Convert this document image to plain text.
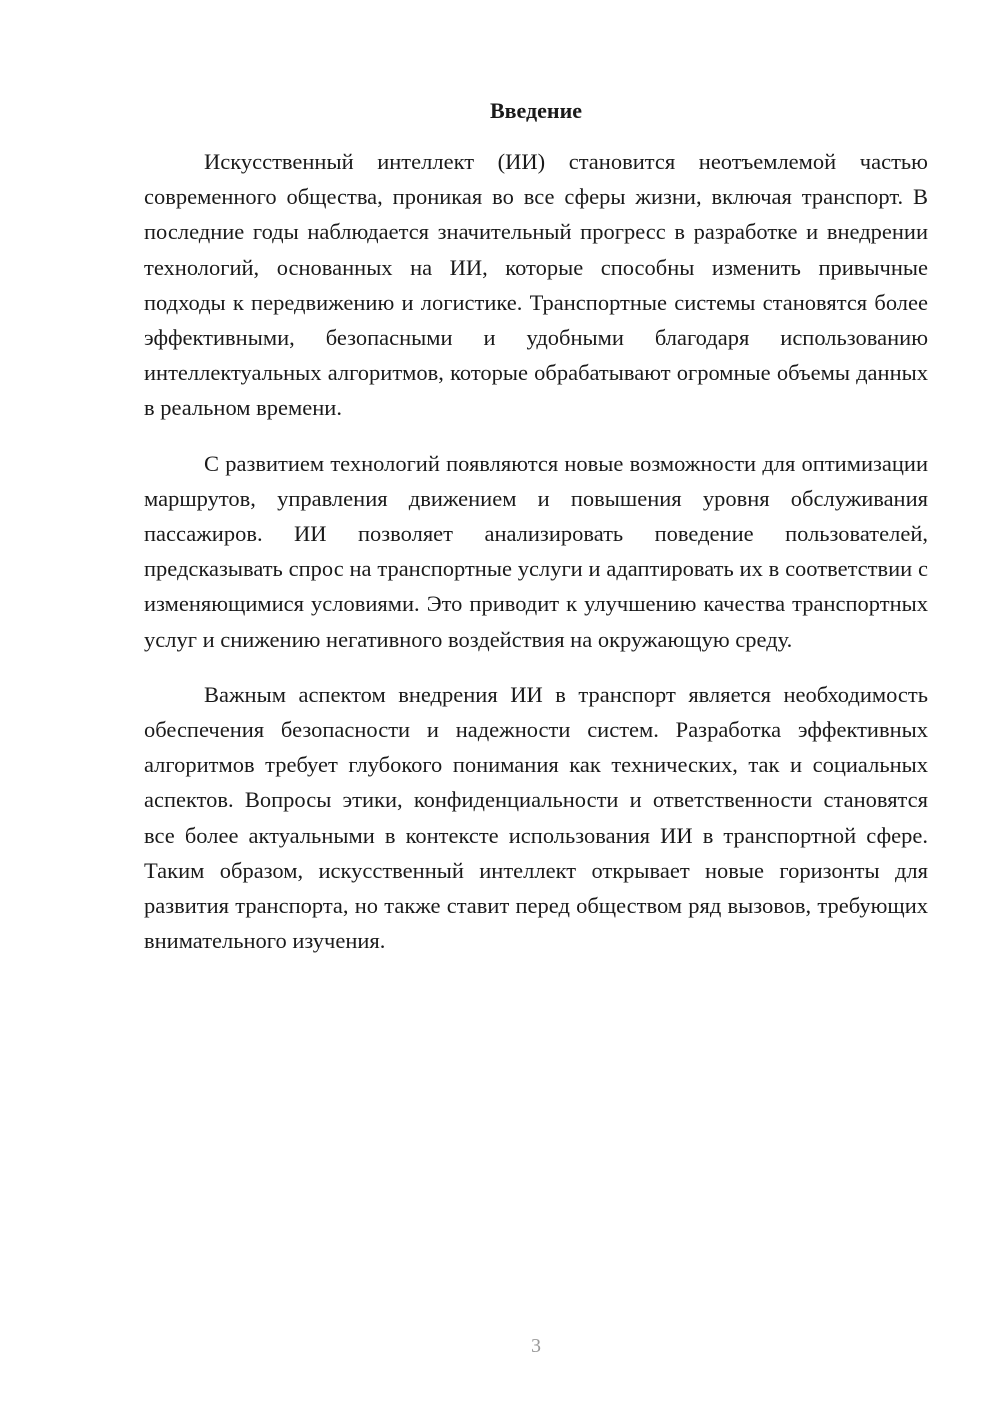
Введение

Искусственный интеллект (ИИ) становится неотъемлемой частью современного общества, проникая во все сферы жизни, включая транспорт. В последние годы наблюдается значительный прогресс в разработке и внедрении технологий, основанных на ИИ, которые способны изменить привычные подходы к передвижению и логистике. Транспортные системы становятся более эффективными, безопасными и удобными благодаря использованию интеллектуальных алгоритмов, которые обрабатывают огромные объемы данных в реальном времени.

С развитием технологий появляются новые возможности для оптимизации маршрутов, управления движением и повышения уровня обслуживания пассажиров. ИИ позволяет анализировать поведение пользователей, предсказывать спрос на транспортные услуги и адаптировать их в соответствии с изменяющимися условиями. Это приводит к улучшению качества транспортных услуг и снижению негативного воздействия на окружающую среду.

Важным аспектом внедрения ИИ в транспорт является необходимость обеспечения безопасности и надежности систем. Разработка эффективных алгоритмов требует глубокого понимания как технических, так и социальных аспектов. Вопросы этики, конфиденциальности и ответственности становятся все более актуальными в контексте использования ИИ в транспортной сфере. Таким образом, искусственный интеллект открывает новые горизонты для развития транспорта, но также ставит перед обществом ряд вызовов, требующих внимательного изучения.

3
